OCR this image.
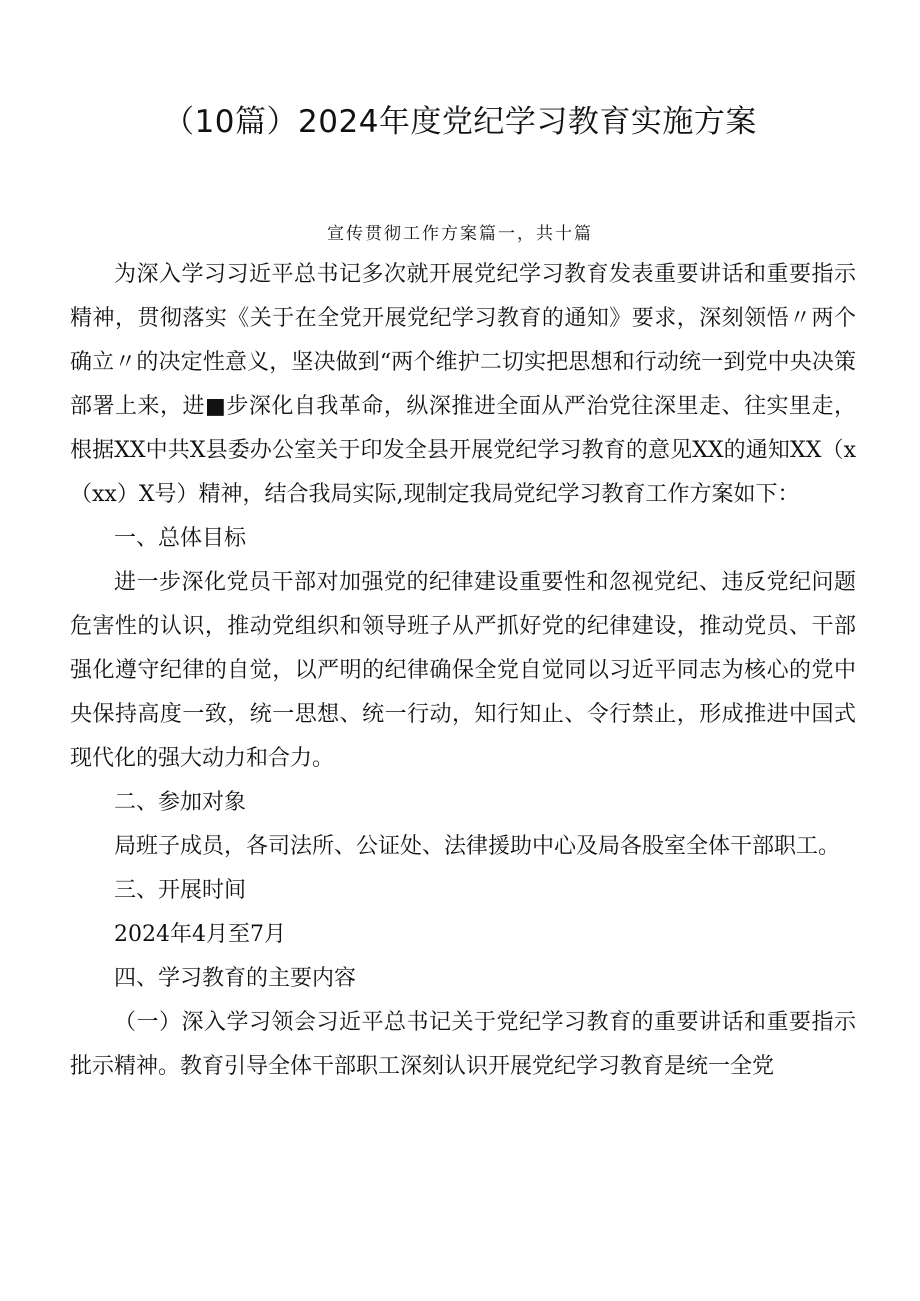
（10篇）2024年度党纪学习教育实施方案
宣传贯彻工作方案篇一，共十篇

为深入学习习近平总书记多次就开展党纪学习教育发表重要讲话和重要指示精神，贯彻落实《关于在全党开展党纪学习教育的通知》要求，深刻领悟〃两个确立〃的决定性意义，坚决做到“两个维护二切实把思想和行动统一到党中央决策部署上来，进■步深化自我革命，纵深推进全面从严治党往深里走、往实里走，根据XX中共X县委办公室关于印发全县开展党纪学习教育的意见XX的通知XX（x（xx）X号）精神，结合我局实际,现制定我局党纪学习教育工作方案如下：

一、总体目标

进一步深化党员干部对加强党的纪律建设重要性和忽视党纪、违反党纪问题危害性的认识，推动党组织和领导班子从严抓好党的纪律建设，推动党员、干部强化遵守纪律的自觉，以严明的纪律确保全党自觉同以习近平同志为核心的党中央保持高度一致，统一思想、统一行动，知行知止、令行禁止，形成推进中国式现代化的强大动力和合力。

二、参加对象

局班子成员，各司法所、公证处、法律援助中心及局各股室全体干部职工。

三、开展时间

2024年4月至7月

四、学习教育的主要内容

（一）深入学习领会习近平总书记关于党纪学习教育的重要讲话和重要指示批示精神。教育引导全体干部职工深刻认识开展党纪学习教育是统一全党
